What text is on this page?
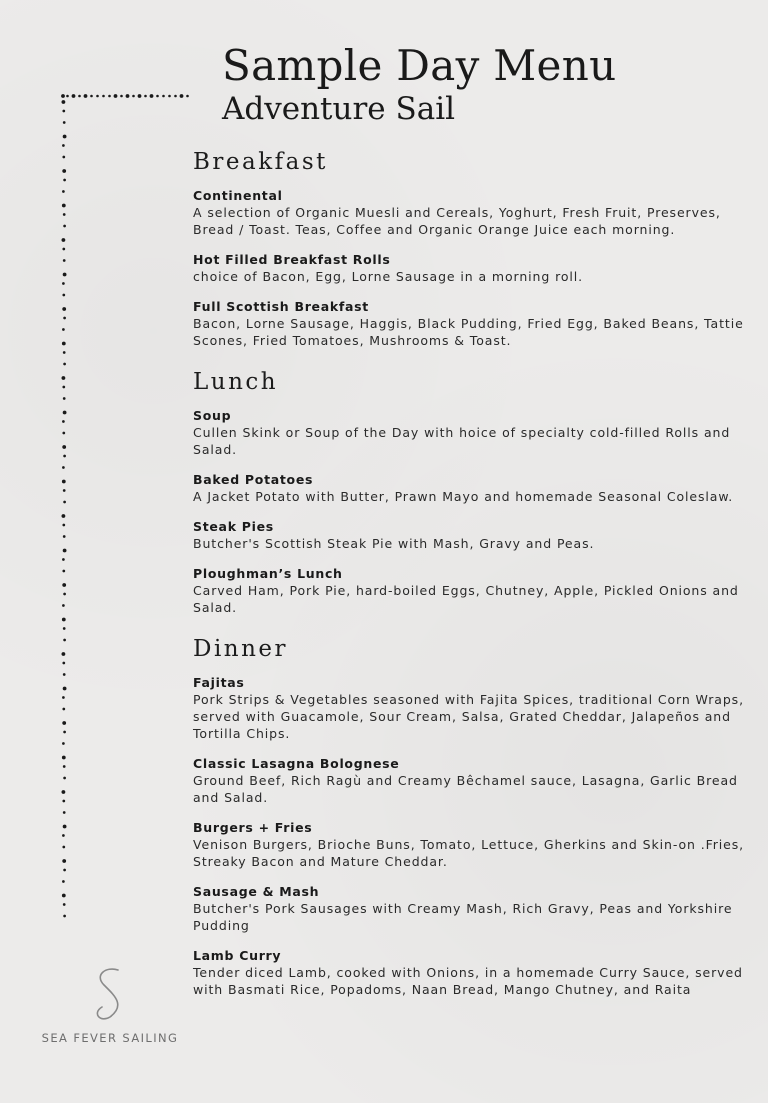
Sample Day Menu
Adventure Sail
Breakfast
Continental
A selection of Organic Muesli and Cereals, Yoghurt, Fresh Fruit, Preserves, Bread / Toast. Teas, Coffee and Organic Orange Juice each morning.
Hot Filled Breakfast Rolls
choice of Bacon, Egg, Lorne Sausage in a morning roll.
Full Scottish Breakfast
Bacon, Lorne Sausage, Haggis, Black Pudding, Fried Egg, Baked Beans, Tattie Scones, Fried Tomatoes, Mushrooms & Toast.
Lunch
Soup
Cullen Skink or Soup of the Day with hoice of specialty cold-filled Rolls and Salad.
Baked Potatoes
A Jacket Potato with Butter, Prawn Mayo and homemade Seasonal Coleslaw.
Steak Pies
Butcher's Scottish Steak Pie with Mash, Gravy and Peas.
Ploughman’s Lunch
Carved Ham, Pork Pie, hard-boiled Eggs, Chutney, Apple, Pickled Onions and Salad.
Dinner
Fajitas
Pork Strips & Vegetables seasoned with Fajita Spices, traditional Corn Wraps, served with Guacamole, Sour Cream, Salsa, Grated Cheddar, Jalapeños and Tortilla Chips.
Classic Lasagna Bolognese
Ground Beef, Rich Ragù and Creamy Bêchamel sauce, Lasagna, Garlic Bread and Salad.
Burgers + Fries
Venison Burgers, Brioche Buns, Tomato, Lettuce, Gherkins and Skin-on .Fries, Streaky Bacon and Mature Cheddar.
Sausage & Mash
Butcher's Pork Sausages with Creamy Mash, Rich Gravy, Peas and Yorkshire Pudding
Lamb Curry
Tender diced Lamb, cooked with Onions, in a homemade Curry Sauce, served with Basmati Rice, Popadoms, Naan Bread, Mango Chutney, and Raita
SEA FEVER SAILING
